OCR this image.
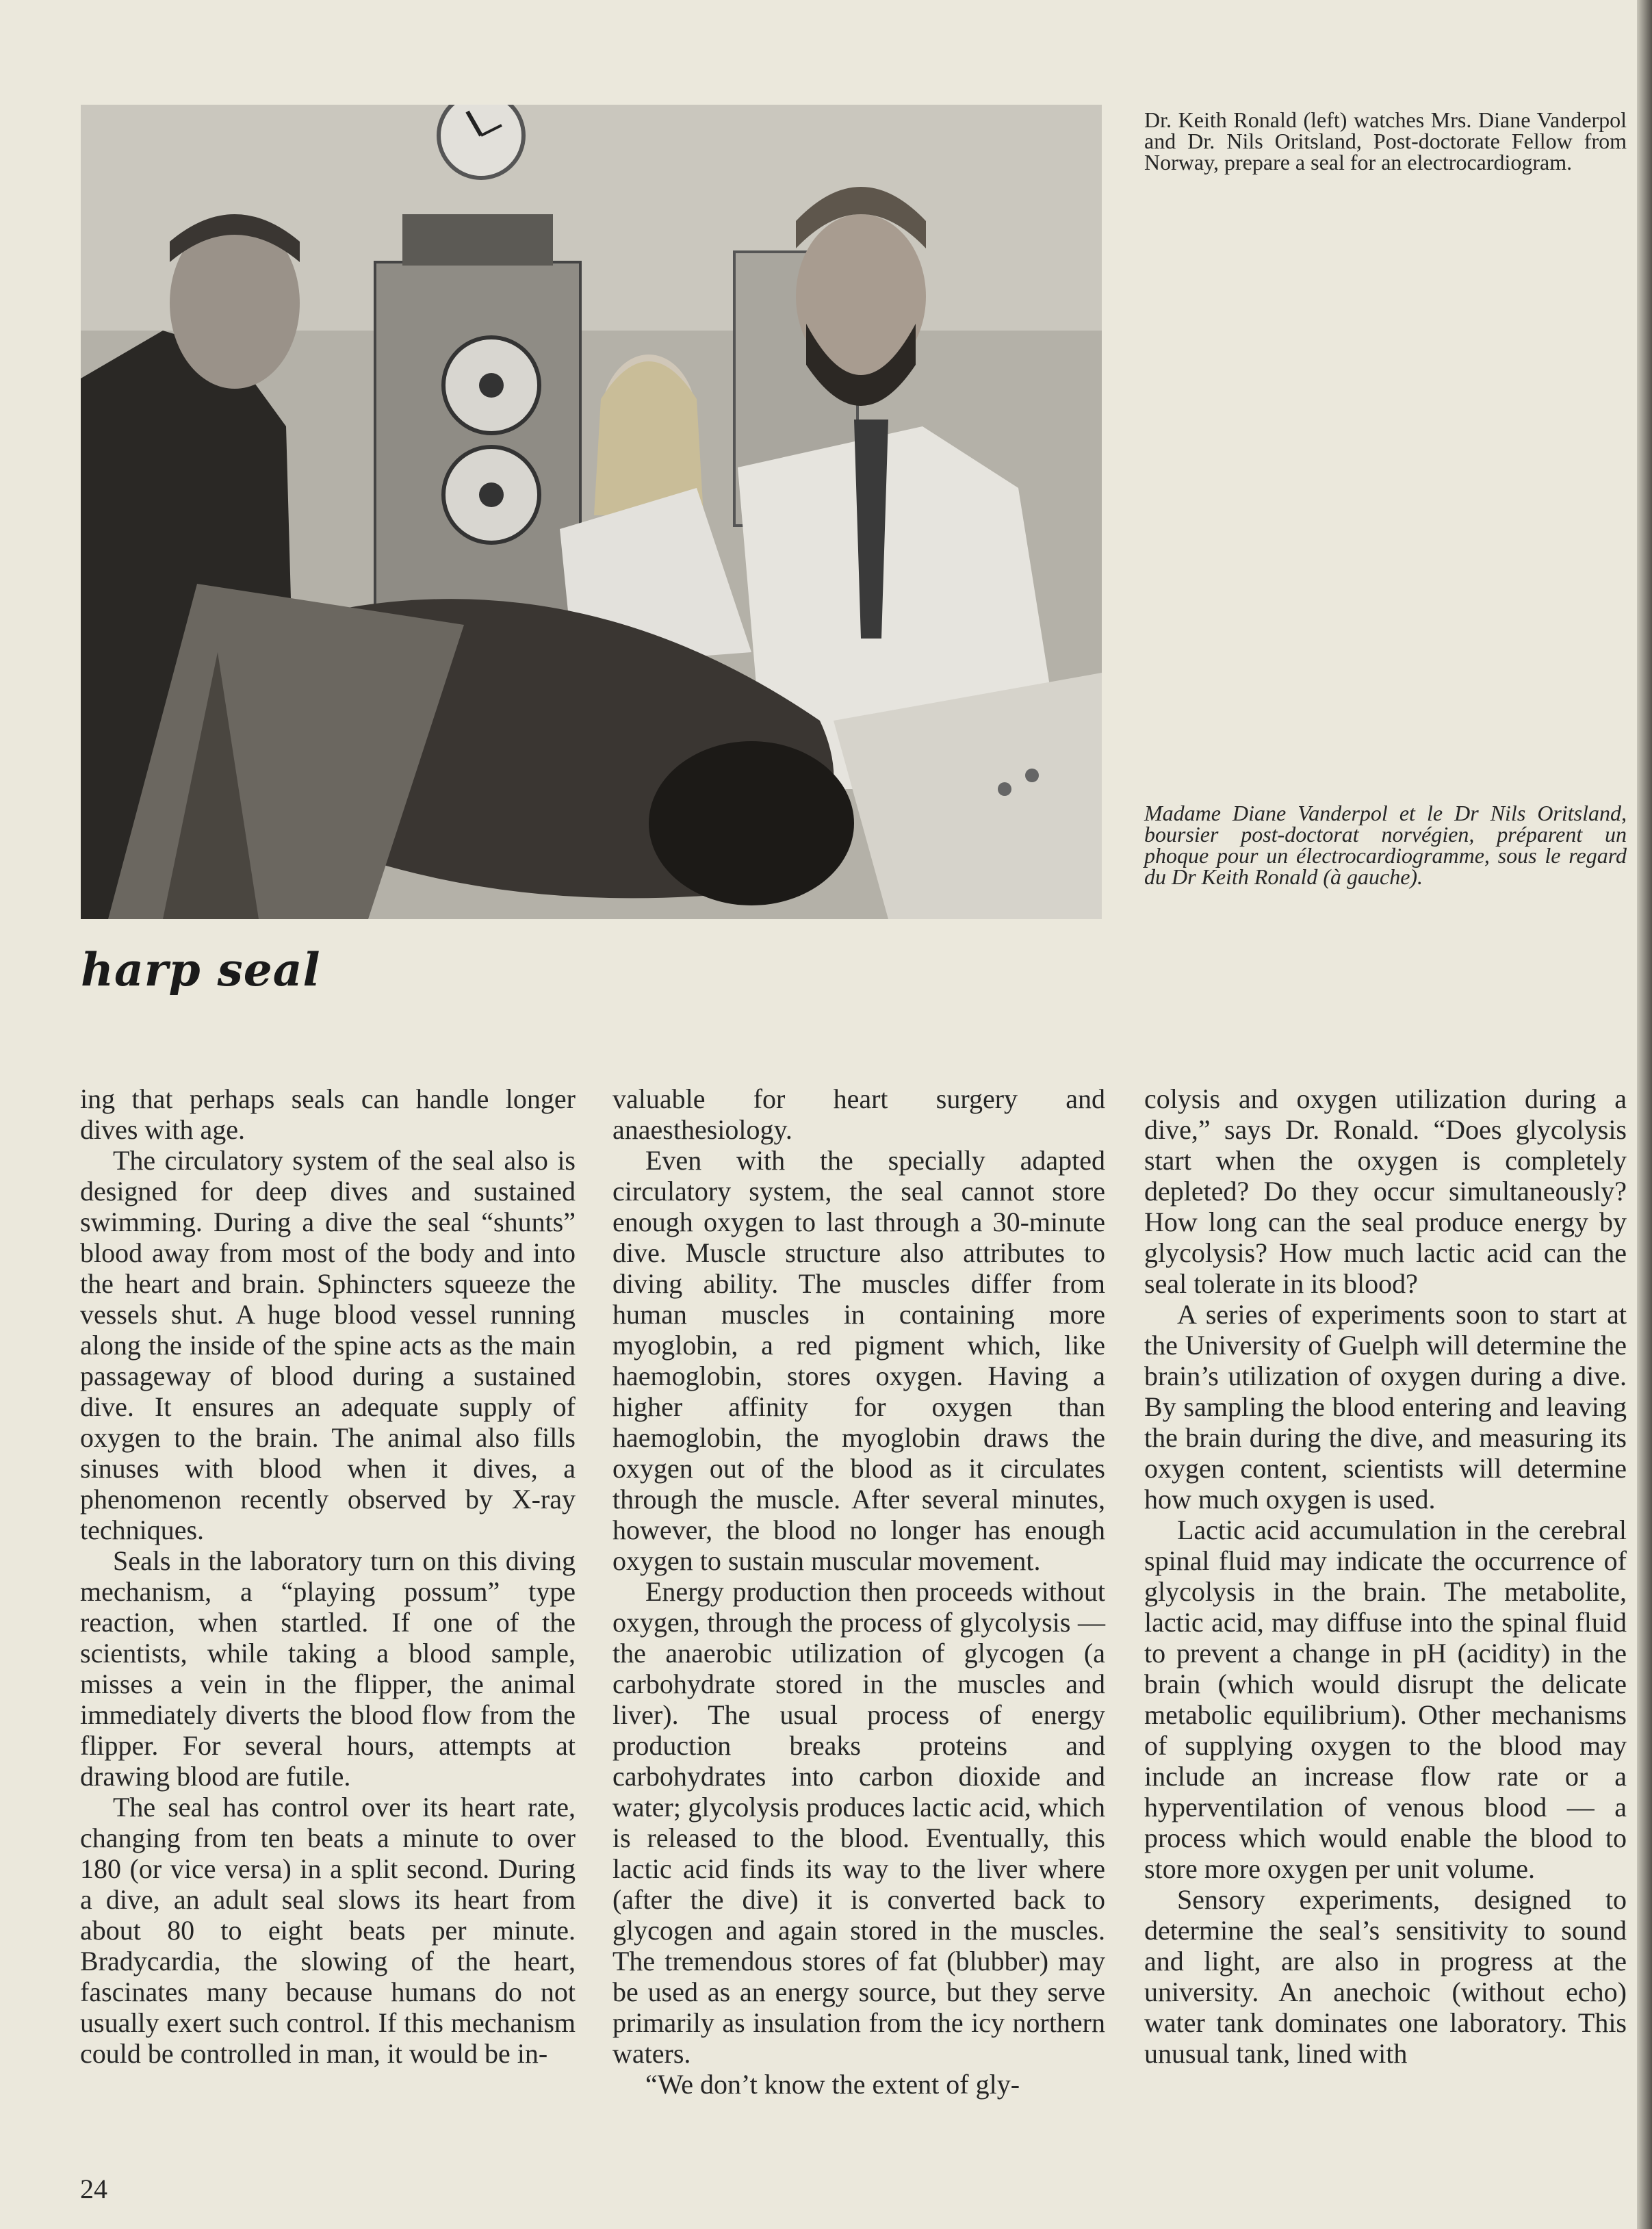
Dr. Keith Ronald (left) watches Mrs. Diane Vanderpol and Dr. Nils Oritsland, Post-doctorate Fellow from Norway, prepare a seal for an electrocardiogram.

Madame Diane Vanderpol et le Dr Nils Oritsland, boursier post-doctorat norvégien, préparent un phoque pour un électrocardiogramme, sous le regard du Dr Keith Ronald (à gauche).

harp seal

ing that perhaps seals can handle longer dives with age.

The circulatory system of the seal also is designed for deep dives and sustained swimming. During a dive the seal “shunts” blood away from most of the body and into the heart and brain. Sphincters squeeze the vessels shut. A huge blood vessel running along the inside of the spine acts as the main passageway of blood during a sustained dive. It ensures an adequate supply of oxygen to the brain. The animal also fills sinuses with blood when it dives, a phenomenon recently observed by X-ray techniques.

Seals in the laboratory turn on this diving mechanism, a “playing possum” type reaction, when startled. If one of the scientists, while taking a blood sample, misses a vein in the flipper, the animal immediately diverts the blood flow from the flipper. For several hours, attempts at drawing blood are futile.

The seal has control over its heart rate, changing from ten beats a minute to over 180 (or vice versa) in a split second. During a dive, an adult seal slows its heart from about 80 to eight beats per minute. Bradycardia, the slowing of the heart, fascinates many because humans do not usually exert such control. If this mechanism could be controlled in man, it would be in-

valuable for heart surgery and anaesthesiology.

Even with the specially adapted circulatory system, the seal cannot store enough oxygen to last through a 30-minute dive. Muscle structure also attributes to diving ability. The muscles differ from human muscles in containing more myoglobin, a red pigment which, like haemoglobin, stores oxygen. Having a higher affinity for oxygen than haemoglobin, the myoglobin draws the oxygen out of the blood as it circulates through the muscle. After several minutes, however, the blood no longer has enough oxygen to sustain muscular movement.

Energy production then proceeds without oxygen, through the process of glycolysis — the anaerobic utilization of glycogen (a carbohydrate stored in the muscles and liver). The usual process of energy production breaks proteins and carbohydrates into carbon dioxide and water; glycolysis produces lactic acid, which is released to the blood. Eventually, this lactic acid finds its way to the liver where (after the dive) it is converted back to glycogen and again stored in the muscles. The tremendous stores of fat (blubber) may be used as an energy source, but they serve primarily as insulation from the icy northern waters.

“We don’t know the extent of gly-

colysis and oxygen utilization during a dive,” says Dr. Ronald. “Does glycolysis start when the oxygen is completely depleted? Do they occur simultaneously? How long can the seal produce energy by glycolysis? How much lactic acid can the seal tolerate in its blood?

A series of experiments soon to start at the University of Guelph will determine the brain’s utilization of oxygen during a dive. By sampling the blood entering and leaving the brain during the dive, and measuring its oxygen content, scientists will determine how much oxygen is used.

Lactic acid accumulation in the cerebral spinal fluid may indicate the occurrence of glycolysis in the brain. The metabolite, lactic acid, may diffuse into the spinal fluid to prevent a change in pH (acidity) in the brain (which would disrupt the delicate metabolic equilibrium). Other mechanisms of supplying oxygen to the blood may include an increase flow rate or a hyperventilation of venous blood — a process which would enable the blood to store more oxygen per unit volume.

Sensory experiments, designed to determine the seal’s sensitivity to sound and light, are also in progress at the university. An anechoic (without echo) water tank dominates one laboratory. This unusual tank, lined with

24
